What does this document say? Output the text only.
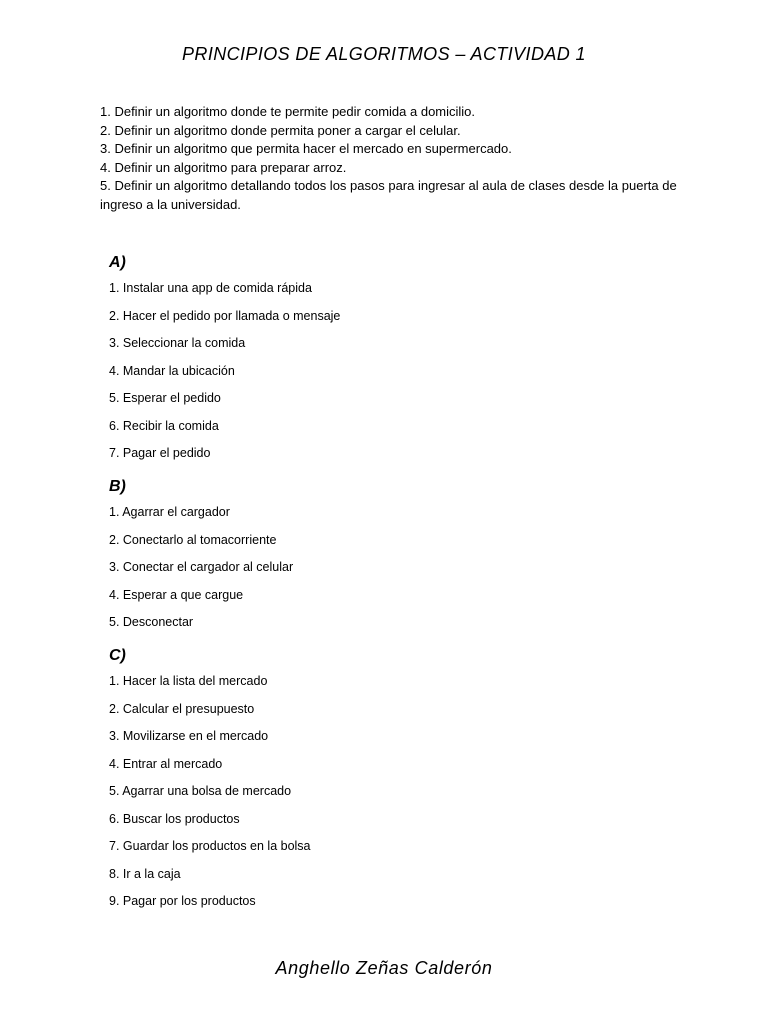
PRINCIPIOS DE ALGORITMOS – ACTIVIDAD 1
1. Definir un algoritmo donde te permite pedir comida a domicilio.
2. Definir un algoritmo donde permita poner a cargar el celular.
3. Definir un algoritmo que permita hacer el mercado en supermercado.
4. Definir un algoritmo para preparar arroz.
5. Definir un algoritmo detallando todos los pasos para ingresar al aula de clases desde la puerta de ingreso a la universidad.
A)
1. Instalar una app de comida rápida
2. Hacer el pedido por llamada o mensaje
3. Seleccionar la comida
4. Mandar la ubicación
5. Esperar el pedido
6. Recibir la comida
7. Pagar el pedido
B)
1. Agarrar el cargador
2. Conectarlo al tomacorriente
3. Conectar el cargador al celular
4. Esperar a que cargue
5. Desconectar
C)
1. Hacer la lista del mercado
2. Calcular el presupuesto
3. Movilizarse en el mercado
4. Entrar al mercado
5. Agarrar una bolsa de mercado
6. Buscar los productos
7. Guardar los productos en la bolsa
8. Ir a la caja
9. Pagar por los productos
Anghello Zeñas Calderón
